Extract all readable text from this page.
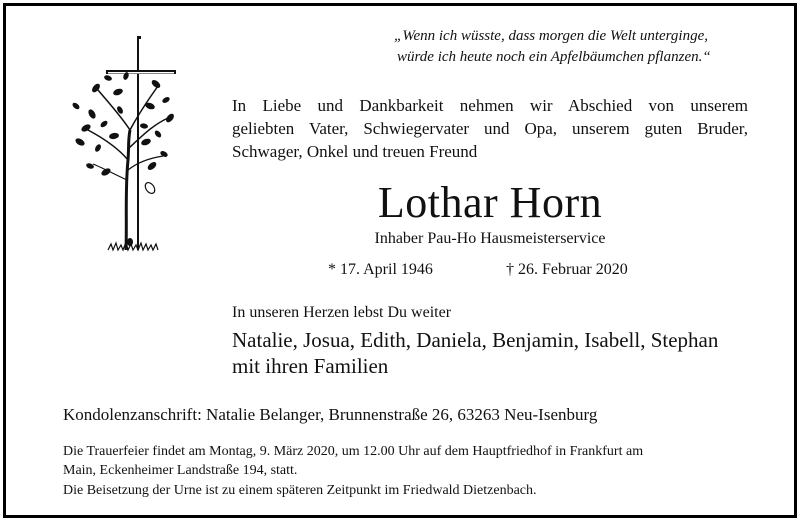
„Wenn ich wüsste, dass morgen die Welt unterginge,
würde ich heute noch ein Apfelbäumchen pflanzen.“
In Liebe und Dankbarkeit nehmen wir Abschied von unserem
geliebten Vater, Schwiegervater und Opa, unserem guten Bruder,
Schwager, Onkel und treuen Freund
Lothar Horn
Inhaber Pau-Ho Hausmeisterservice
* 17. April 1946	† 26. Februar 2020
In unseren Herzen lebst Du weiter
Natalie, Josua, Edith, Daniela, Benjamin, Isabell, Stephan
mit ihren Familien
Kondolenzanschrift: Natalie Belanger, Brunnenstraße 26, 63263 Neu-Isenburg
Die Trauerfeier findet am Montag, 9. März 2020, um 12.00 Uhr auf dem Hauptfriedhof in Frankfurt am
Main, Eckenheimer Landstraße 194, statt.
Die Beisetzung der Urne ist zu einem späteren Zeitpunkt im Friedwald Dietzenbach.
